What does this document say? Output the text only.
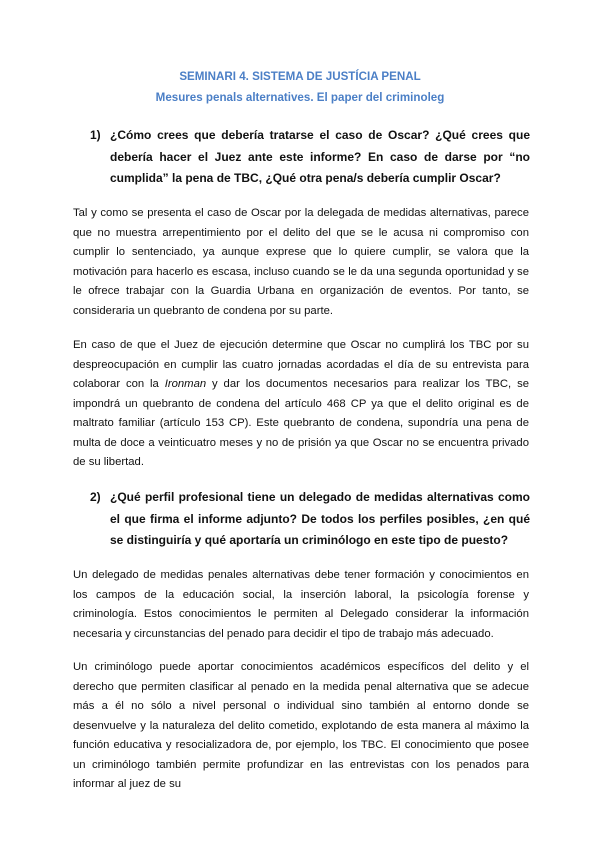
SEMINARI 4. SISTEMA DE JUSTÍCIA PENAL
Mesures penals alternatives. El paper del criminoleg
1) ¿Cómo crees que debería tratarse el caso de Oscar? ¿Qué crees que debería hacer el Juez ante este informe? En caso de darse por “no cumplida” la pena de TBC, ¿Qué otra pena/s debería cumplir Oscar?

Tal y como se presenta el caso de Oscar por la delegada de medidas alternativas, parece que no muestra arrepentimiento por el delito del que se le acusa ni compromiso con cumplir lo sentenciado, ya aunque exprese que lo quiere cumplir, se valora que la motivación para hacerlo es escasa, incluso cuando se le da una segunda oportunidad y se le ofrece trabajar con la Guardia Urbana en organización de eventos. Por tanto, se consideraria un quebranto de condena por su parte.

En caso de que el Juez de ejecución determine que Oscar no cumplirá los TBC por su despreocupación en cumplir las cuatro jornadas acordadas el día de su entrevista para colaborar con la Ironman y dar los documentos necesarios para realizar los TBC, se impondrá un quebranto de condena del artículo 468 CP ya que el delito original es de maltrato familiar (artículo 153 CP). Este quebranto de condena, supondría una pena de multa de doce a veinticuatro meses y no de prisión ya que Oscar no se encuentra privado de su libertad.

2) ¿Qué perfil profesional tiene un delegado de medidas alternativas como el que firma el informe adjunto? De todos los perfiles posibles, ¿en qué se distinguiría y qué aportaría un criminólogo en este tipo de puesto?

Un delegado de medidas penales alternativas debe tener formación y conocimientos en los campos de la educación social, la inserción laboral, la psicología forense y criminología. Estos conocimientos le permiten al Delegado considerar la información necesaria y circunstancias del penado para decidir el tipo de trabajo más adecuado.

Un criminólogo puede aportar conocimientos académicos específicos del delito y el derecho que permiten clasificar al penado en la medida penal alternativa que se adecue más a él no sólo a nivel personal o individual sino también al entorno donde se desenvuelve y la naturaleza del delito cometido, explotando de esta manera al máximo la función educativa y resocializadora de, por ejemplo, los TBC. El conocimiento que posee un criminólogo también permite profundizar en las entrevistas con los penados para informar al juez de su
